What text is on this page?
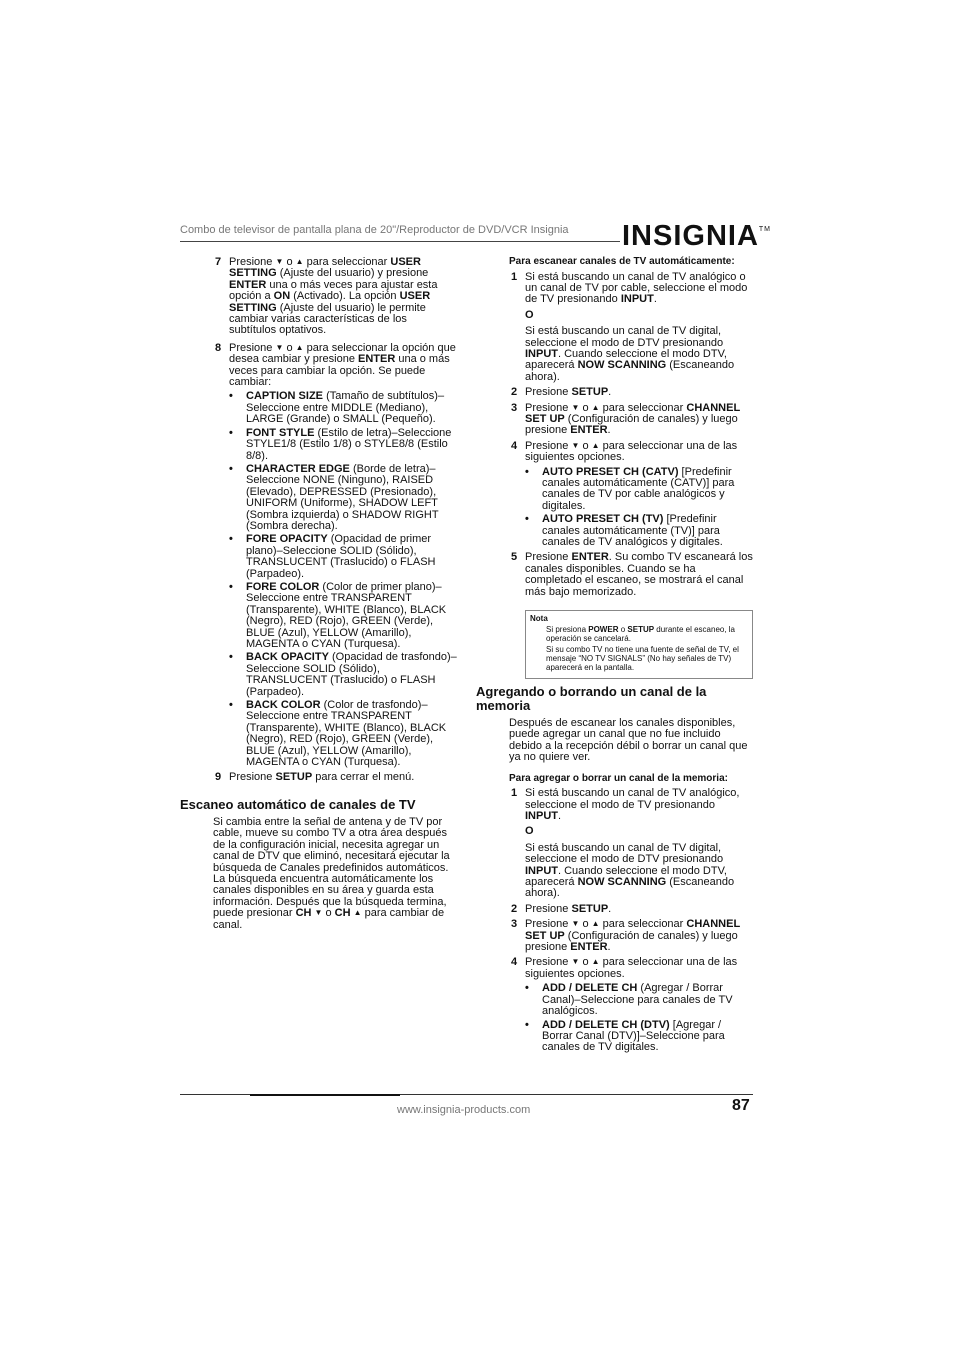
Combo de televisor de pantalla plana de 20"/Reproductor de DVD/VCR Insignia INSIGNIA™
7 Presione ▼ o ▲ para seleccionar USER SETTING (Ajuste del usuario) y presione ENTER una o más veces para ajustar esta opción a ON (Activado). La opción USER SETTING (Ajuste del usuario) le permite cambiar varias características de los subtítulos optativos.
8 Presione ▼ o ▲ para seleccionar la opción que desea cambiar y presione ENTER una o más veces para cambiar la opción. Se puede cambiar:
• CAPTION SIZE (Tamaño de subtítulos)–Seleccione entre MIDDLE (Mediano), LARGE (Grande) o SMALL (Pequeño).
• FONT STYLE (Estilo de letra)–Seleccione STYLE1/8 (Estilo 1/8) o STYLE8/8 (Estilo 8/8).
• CHARACTER EDGE (Borde de letra)–Seleccione NONE (Ninguno), RAISED (Elevado), DEPRESSED (Presionado), UNIFORM (Uniforme), SHADOW LEFT (Sombra izquierda) o SHADOW RIGHT (Sombra derecha).
• FORE OPACITY (Opacidad de primer plano)–Seleccione SOLID (Sólido), TRANSLUCENT (Traslucido) o FLASH (Parpadeo).
• FORE COLOR (Color de primer plano)–Seleccione entre TRANSPARENT (Transparente), WHITE (Blanco), BLACK (Negro), RED (Rojo), GREEN (Verde), BLUE (Azul), YELLOW (Amarillo), MAGENTA o CYAN (Turquesa).
• BACK OPACITY (Opacidad de trasfondo)–Seleccione SOLID (Sólido), TRANSLUCENT (Traslucido) o FLASH (Parpadeo).
• BACK COLOR (Color de trasfondo)–Seleccione entre TRANSPARENT (Transparente), WHITE (Blanco), BLACK (Negro), RED (Rojo), GREEN (Verde), BLUE (Azul), YELLOW (Amarillo), MAGENTA o CYAN (Turquesa).
9 Presione SETUP para cerrar el menú.
Escaneo automático de canales de TV

Si cambia entre la señal de antena y de TV por cable, mueve su combo TV a otra área después de la configuración inicial, necesita agregar un canal de DTV que eliminó, necesitará ejecutar la búsqueda de Canales predefinidos automáticos. La búsqueda encuentra automáticamente los canales disponibles en su área y guarda esta información. Después que la búsqueda termina, puede presionar CH ▼ o CH ▲ para cambiar de canal.

Para escanear canales de TV automáticamente:
1 Si está buscando un canal de TV analógico o un canal de TV por cable, seleccione el modo de TV presionando INPUT.
O
Si está buscando un canal de TV digital, seleccione el modo de DTV presionando INPUT. Cuando seleccione el modo DTV, aparecerá NOW SCANNING (Escaneando ahora).
2 Presione SETUP.
3 Presione ▼ o ▲ para seleccionar CHANNEL SET UP (Configuración de canales) y luego presione ENTER.
4 Presione ▼ o ▲ para seleccionar una de las siguientes opciones.
• AUTO PRESET CH (CATV) [Predefinir canales automáticamente (CATV)] para canales de TV por cable analógicos y digitales.
• AUTO PRESET CH (TV) [Predefinir canales automáticamente (TV)] para canales de TV analógicos y digitales.
5 Presione ENTER. Su combo TV escaneará los canales disponibles. Cuando se ha completado el escaneo, se mostrará el canal más bajo memorizado.
Nota

Si presiona POWER o SETUP durante el escaneo, la operación se cancelará.

Si su combo TV no tiene una fuente de señal de TV, el mensaje “NO TV SIGNALS” (No hay señales de TV) aparecerá en la pantalla.

Agregando o borrando un canal de la memoria

Después de escanear los canales disponibles, puede agregar un canal que no fue incluido debido a la recepción débil o borrar un canal que ya no quiere ver.

Para agregar o borrar un canal de la memoria:
1 Si está buscando un canal de TV analógico, seleccione el modo de TV presionando INPUT.
O
Si está buscando un canal de TV digital, seleccione el modo de DTV presionando INPUT. Cuando seleccione el modo DTV, aparecerá NOW SCANNING (Escaneando ahora).
2 Presione SETUP.
3 Presione ▼ o ▲ para seleccionar CHANNEL SET UP (Configuración de canales) y luego presione ENTER.
4 Presione ▼ o ▲ para seleccionar una de las siguientes opciones.
• ADD / DELETE CH (Agregar / Borrar Canal)–Seleccione para canales de TV analógicos.
• ADD / DELETE CH (DTV) [Agregar / Borrar Canal (DTV)]–Seleccione para canales de TV digitales.
www.insignia-products.com	87
